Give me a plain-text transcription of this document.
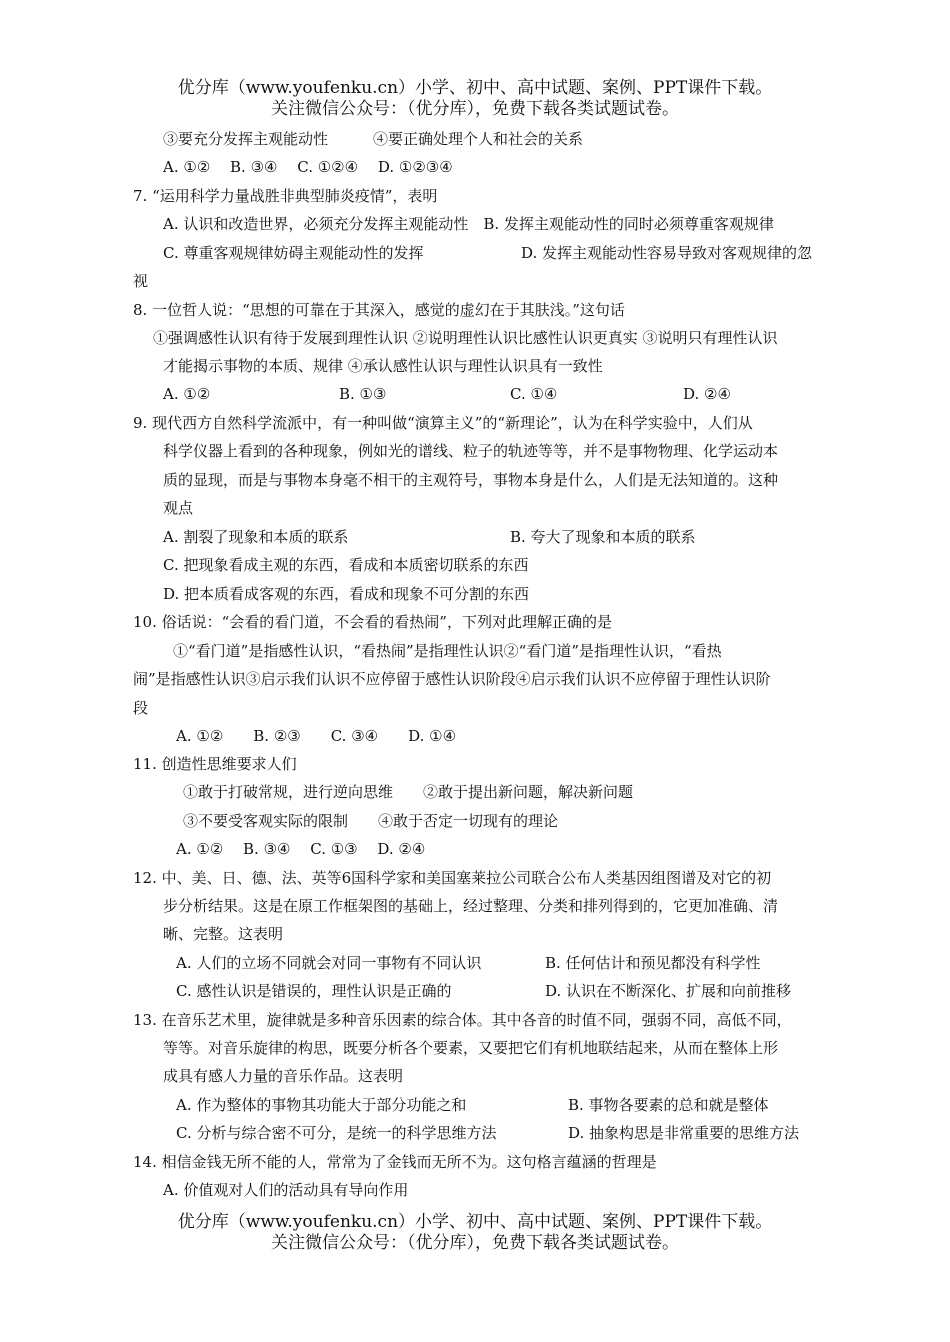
优分库（www.youfenku.cn）小学、初中、高中试题、案例、PPT课件下载。
关注微信公众号：（优分库），免费下载各类试题试卷。
③要充分发挥主观能动性　　　④要正确处理个人和社会的关系
A. ①②　 B. ③④　 C. ①②④　 D. ①②③④
7. “运用科学力量战胜非典型肺炎疫情”，表明
A. 认识和改造世界，必须充分发挥主观能动性　B. 发挥主观能动性的同时必须尊重客观规律
C. 尊重客观规律妨碍主观能动性的发挥	D. 发挥主观能动性容易导致对客观规律的忽
视
8. 一位哲人说：“思想的可靠在于其深入，感觉的虚幻在于其肤浅。”这句话
①强调感性认识有待于发展到理性认识 ②说明理性认识比感性认识更真实 ③说明只有理性认识
才能揭示事物的本质、规律 ④承认感性认识与理性认识具有一致性
A. ①②	B. ①③	C. ①④	D. ②④
9. 现代西方自然科学流派中，有一种叫做“演算主义”的“新理论”，认为在科学实验中，人们从
科学仪器上看到的各种现象，例如光的谱线、粒子的轨迹等等，并不是事物物理、化学运动本
质的显现，而是与事物本身毫不相干的主观符号，事物本身是什么，人们是无法知道的。这种
观点
A. 割裂了现象和本质的联系	B. 夸大了现象和本质的联系
C. 把现象看成主观的东西，看成和本质密切联系的东西
D. 把本质看成客观的东西，看成和现象不可分割的东西
10. 俗话说：“会看的看门道，不会看的看热闹”，下列对此理解正确的是
①“看门道”是指感性认识，“看热闹”是指理性认识②“看门道”是指理性认识，“看热
闹”是指感性认识③启示我们认识不应停留于感性认识阶段④启示我们认识不应停留于理性认识阶
段
A. ①②　　B. ②③　　C. ③④　　D. ①④
11. 创造性思维要求人们
①敢于打破常规，进行逆向思维　　②敢于提出新问题，解决新问题
③不要受客观实际的限制　　④敢于否定一切现有的理论
A. ①②　 B. ③④　 C. ①③　 D. ②④
12. 中、美、日、德、法、英等6国科学家和美国塞莱拉公司联合公布人类基因组图谱及对它的初
步分析结果。这是在原工作框架图的基础上，经过整理、分类和排列得到的，它更加准确、清
晰、完整。这表明
A. 人们的立场不同就会对同一事物有不同认识	B. 任何估计和预见都没有科学性
C. 感性认识是错误的，理性认识是正确的	D. 认识在不断深化、扩展和向前推移
13. 在音乐艺术里，旋律就是多种音乐因素的综合体。其中各音的时值不同，强弱不同，高低不同，
等等。对音乐旋律的构思，既要分析各个要素，又要把它们有机地联结起来，从而在整体上形
成具有感人力量的音乐作品。这表明
A. 作为整体的事物其功能大于部分功能之和	B. 事物各要素的总和就是整体
C. 分析与综合密不可分，是统一的科学思维方法	D. 抽象构思是非常重要的思维方法
14. 相信金钱无所不能的人，常常为了金钱而无所不为。这句格言蕴涵的哲理是
A. 价值观对人们的活动具有导向作用
优分库（www.youfenku.cn）小学、初中、高中试题、案例、PPT课件下载。
关注微信公众号：（优分库），免费下载各类试题试卷。
